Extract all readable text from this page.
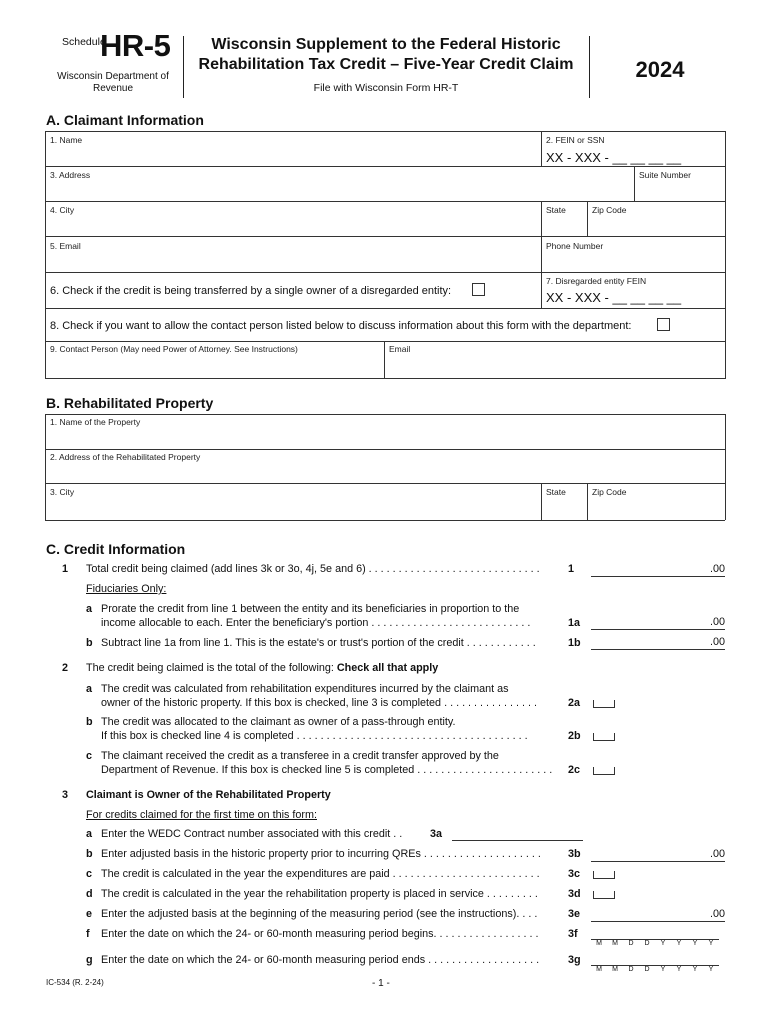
Schedule
HR-5
Wisconsin Department of Revenue
Wisconsin Supplement to the Federal Historic Rehabilitation Tax Credit – Five-Year Credit Claim
File with Wisconsin Form HR-T
2024
A. Claimant Information
1. Name	2. FEIN or SSN
XX - XXX - __ __ __ __
3. Address	Suite Number
4. City	State	Zip Code
5. Email	Phone Number
6. Check if the credit is being transferred by a single owner of a disregarded entity:
7. Disregarded entity FEIN
XX - XXX - __ __ __ __
8. Check if you want to allow the contact person listed below to discuss information about this form with the department:
9. Contact Person (May need Power of Attorney. See Instructions)	Email
B. Rehabilitated Property
1. Name of the Property
2. Address of the Rehabilitated Property
3. City	State	Zip Code
C. Credit Information
1 Total credit being claimed (add lines 3k or 3o, 4j, 5e and 6) . . . . . . . . . . . . . . . . . . . . . . . . . . . . .	1	.00
Fiduciaries Only:
a Prorate the credit from line 1 between the entity and its beneficiaries in proportion to the
income allocable to each. Enter the beneficiary's portion . . . . . . . . . . . . . . . . . . . . . . . . . . .	1a	.00
b Subtract line 1a from line 1. This is the estate's or trust's portion of the credit . . . . . . . . . . . .	1b	.00
2 The credit being claimed is the total of the following: Check all that apply
a The credit was calculated from rehabilitation expenditures incurred by the claimant as
owner of the historic property. If this box is checked, line 3 is completed . . . . . . . . . . . . . . . .	2a
b The credit was allocated to the claimant as owner of a pass-through entity.
If this box is checked line 4 is completed . . . . . . . . . . . . . . . . . . . . . . . . . . . . . . . . . . . . . . .	2b
c The claimant received the credit as a transferee in a credit transfer approved by the
Department of Revenue. If this box is checked line 5 is completed . . . . . . . . . . . . . . . . . . . . . . . 2c
3 Claimant is Owner of the Rehabilitated Property
For credits claimed for the first time on this form:
a Enter the WEDC Contract number associated with this credit . .	3a
b Enter adjusted basis in the historic property prior to incurring QREs . . . . . . . . . . . . . . . . . . . .	3b	.00
c The credit is calculated in the year the expenditures are paid . . . . . . . . . . . . . . . . . . . . . . . . .	3c
d The credit is calculated in the year the rehabilitation property is placed in service . . . . . . . . .	3d
e Enter the adjusted basis at the beginning of the measuring period (see the instructions). . . .	3e	.00
f Enter the date on which the 24- or 60-month measuring period begins. . . . . . . . . . . . . . . . . .	3f
M M D D Y Y Y Y
g Enter the date on which the 24- or 60-month measuring period ends . . . . . . . . . . . . . . . . . . .	3g
M M D D Y Y Y Y
IC-534 (R. 2-24)	- 1 -
